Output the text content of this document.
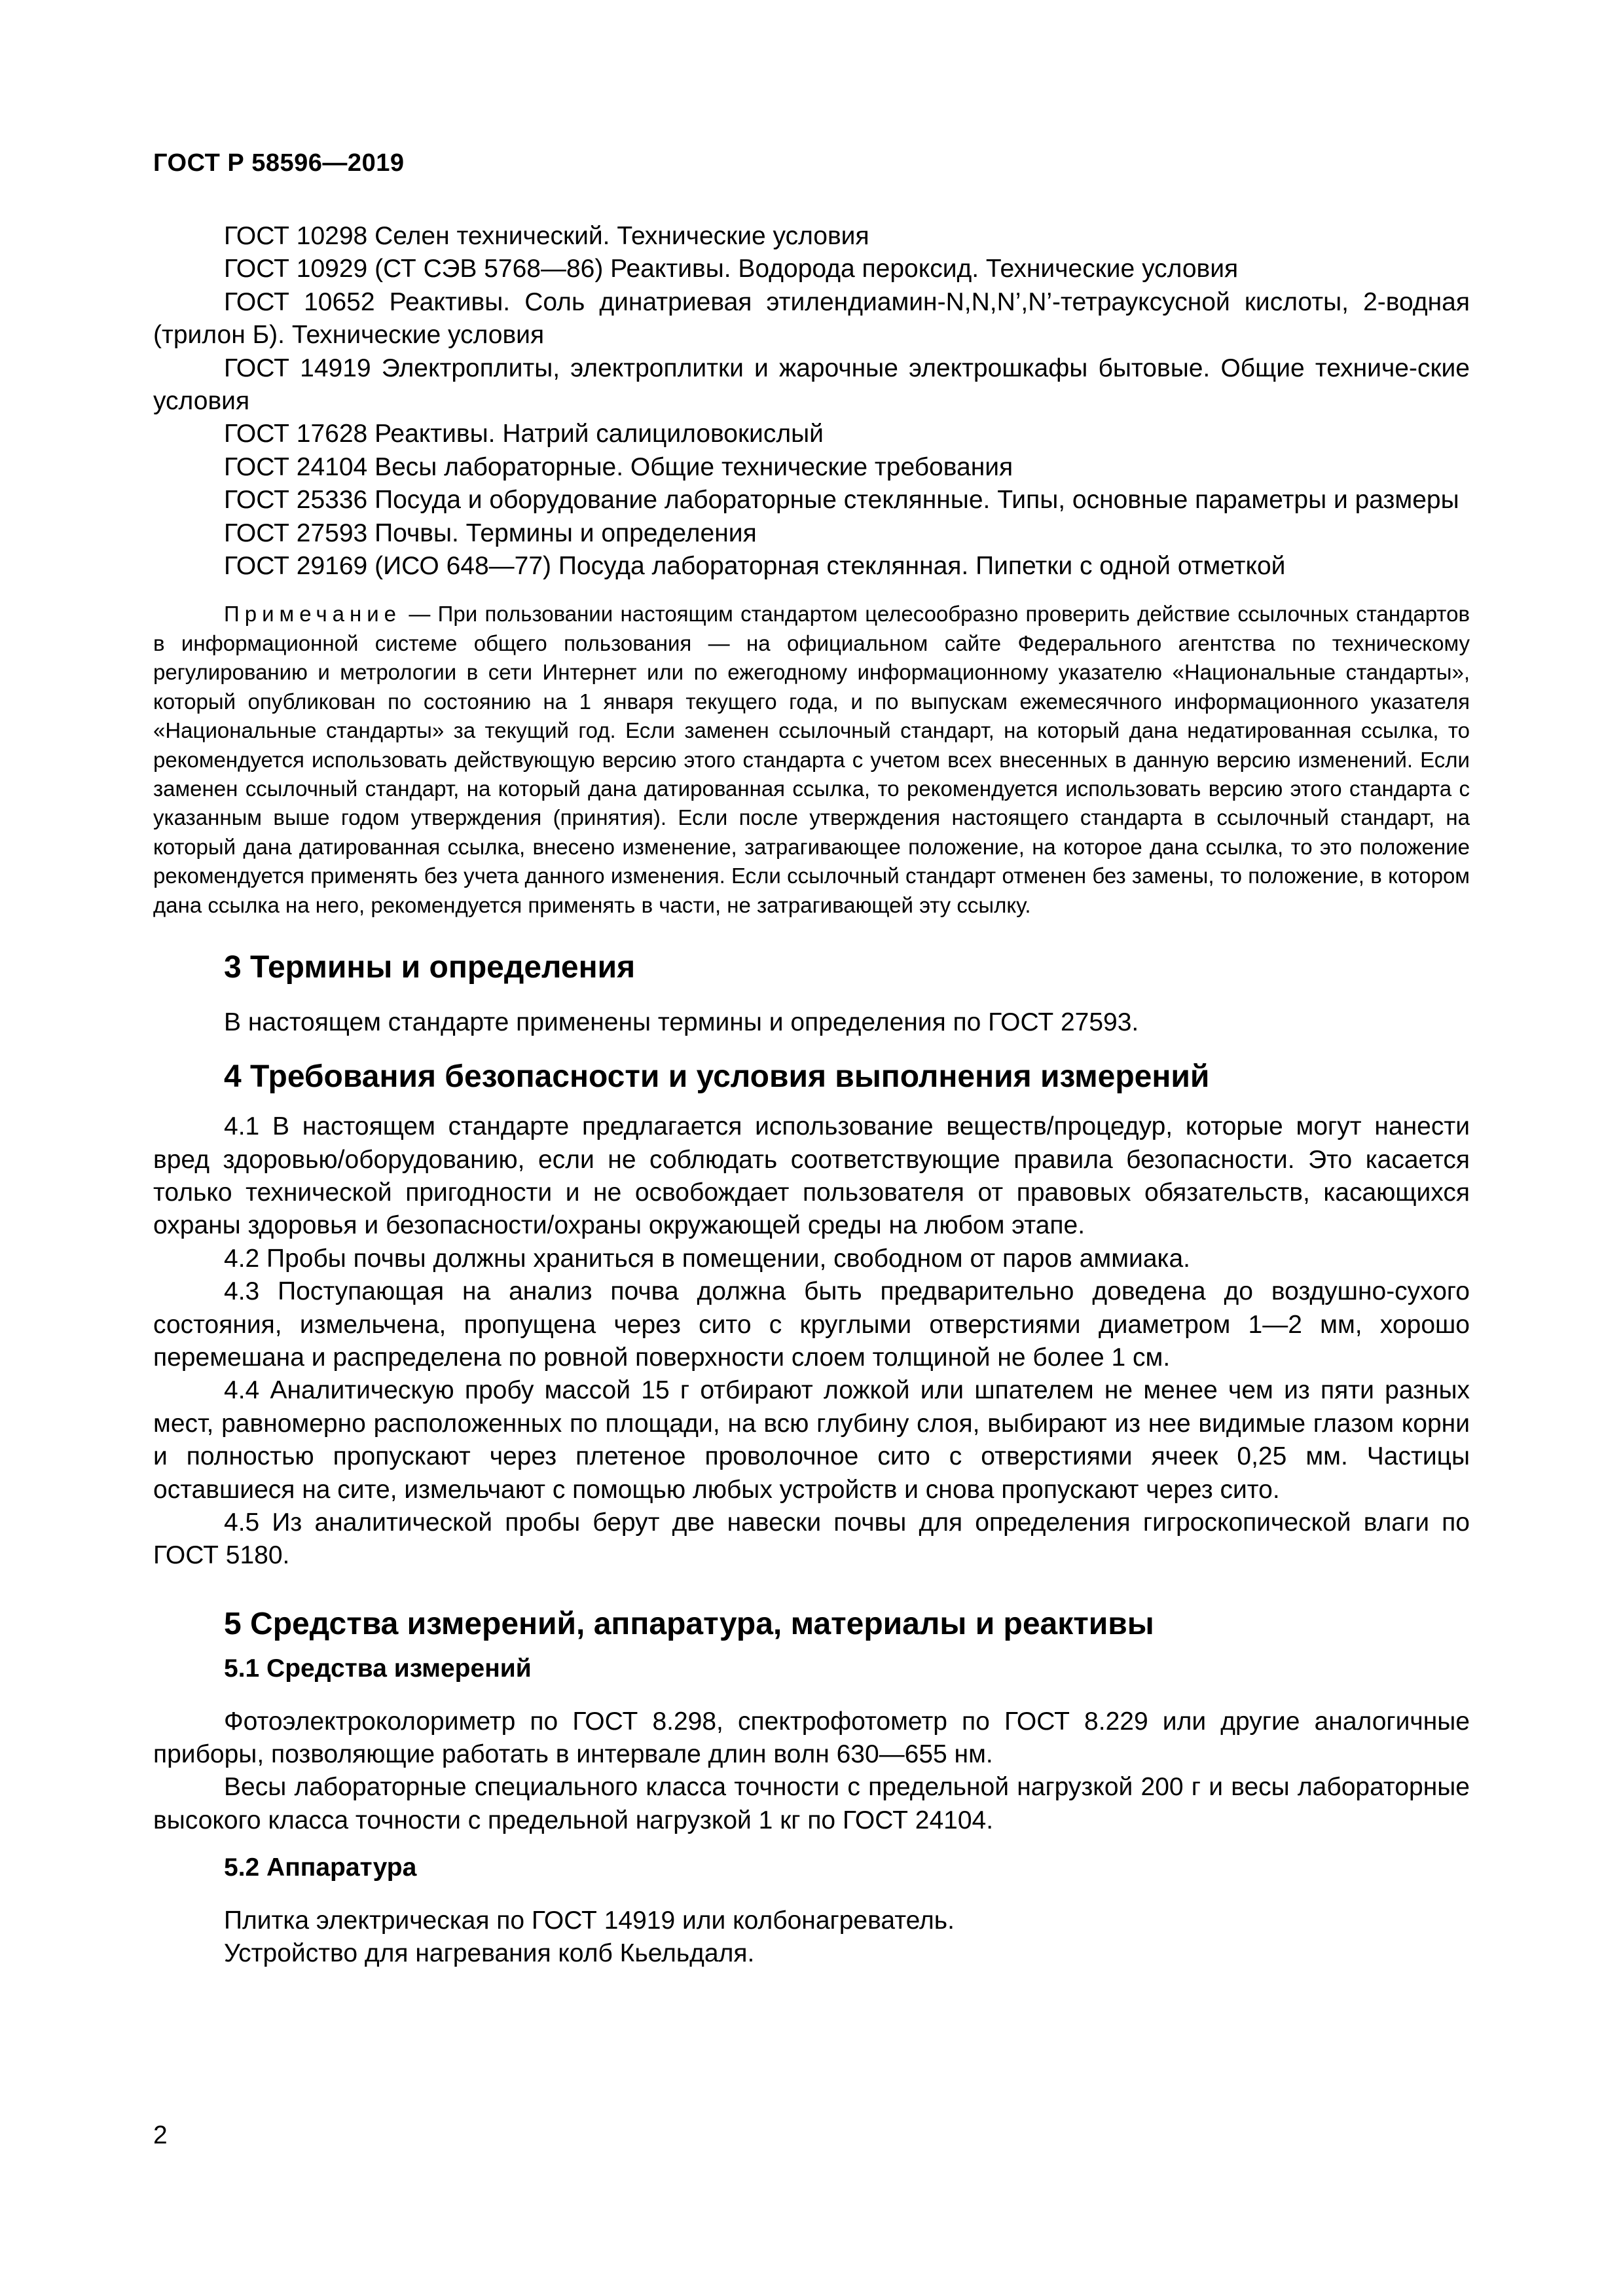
ГОСТ Р 58596—2019

ГОСТ 10298 Селен технический. Технические условия

ГОСТ 10929 (СТ СЭВ 5768—86) Реактивы. Водорода пероксид. Технические условия

ГОСТ 10652 Реактивы. Соль динатриевая этилендиамин-N,N,N’,N’-тетрауксусной кислоты, 2-водная (трилон Б). Технические условия

ГОСТ 14919 Электроплиты, электроплитки и жарочные электрошкафы бытовые. Общие техниче-ские условия

ГОСТ 17628 Реактивы. Натрий салициловокислый

ГОСТ 24104 Весы лабораторные. Общие технические требования

ГОСТ 25336 Посуда и оборудование лабораторные стеклянные. Типы, основные параметры и размеры

ГОСТ 27593 Почвы. Термины и определения

ГОСТ 29169 (ИСО 648—77) Посуда лабораторная стеклянная. Пипетки с одной отметкой

Примечание — При пользовании настоящим стандартом целесообразно проверить действие ссылочных стандартов в информационной системе общего пользования — на официальном сайте Федерального агентства по техническому регулированию и метрологии в сети Интернет или по ежегодному информационному указателю «Национальные стандарты», который опубликован по состоянию на 1 января текущего года, и по выпускам ежемесячного информационного указателя «Национальные стандарты» за текущий год. Если заменен ссылочный стандарт, на который дана недатированная ссылка, то рекомендуется использовать действующую версию этого стандарта с учетом всех внесенных в данную версию изменений. Если заменен ссылочный стандарт, на который дана датированная ссылка, то рекомендуется использовать версию этого стандарта с указанным выше годом утверждения (принятия). Если после утверждения настоящего стандарта в ссылочный стандарт, на который дана датированная ссылка, внесено изменение, затрагивающее положение, на которое дана ссылка, то это положение рекомендуется применять без учета данного изменения. Если ссылочный стандарт отменен без замены, то положение, в котором дана ссылка на него, рекомендуется применять в части, не затрагивающей эту ссылку.

3 Термины и определения

В настоящем стандарте применены термины и определения по ГОСТ 27593.

4 Требования безопасности и условия выполнения измерений

4.1 В настоящем стандарте предлагается использование веществ/процедур, которые могут нанести вред здоровью/оборудованию, если не соблюдать соответствующие правила безопасности. Это касается только технической пригодности и не освобождает пользователя от правовых обязательств, касающихся охраны здоровья и безопасности/охраны окружающей среды на любом этапе.

4.2 Пробы почвы должны храниться в помещении, свободном от паров аммиака.

4.3 Поступающая на анализ почва должна быть предварительно доведена до воздушно-сухого состояния, измельчена, пропущена через сито с круглыми отверстиями диаметром 1—2 мм, хорошо перемешана и распределена по ровной поверхности слоем толщиной не более 1 см.

4.4 Аналитическую пробу массой 15 г отбирают ложкой или шпателем не менее чем из пяти разных мест, равномерно расположенных по площади, на всю глубину слоя, выбирают из нее видимые глазом корни и полностью пропускают через плетеное проволочное сито с отверстиями ячеек 0,25 мм. Частицы оставшиеся на сите, измельчают с помощью любых устройств и снова пропускают через сито.

4.5 Из аналитической пробы берут две навески почвы для определения гигроскопической влаги по ГОСТ 5180.

5 Средства измерений, аппаратура, материалы и реактивы
5.1 Средства измерений

Фотоэлектроколориметр по ГОСТ 8.298, спектрофотометр по ГОСТ 8.229 или другие аналогичные приборы, позволяющие работать в интервале длин волн 630—655 нм.

Весы лабораторные специального класса точности с предельной нагрузкой 200 г и весы лабораторные высокого класса точности с предельной нагрузкой 1 кг по ГОСТ 24104.

5.2 Аппаратура

Плитка электрическая по ГОСТ 14919 или колбонагреватель.

Устройство для нагревания колб Кьельдаля.

2
